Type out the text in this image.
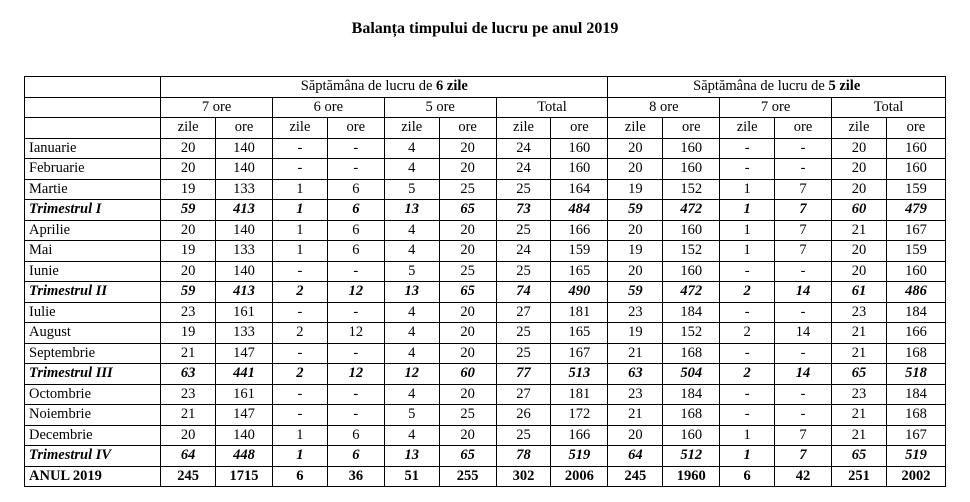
Balanța timpului de lucru pe anul 2019
	Săptămâna de lucru de 6 zile								Săptămâna de lucru de 5 zile					
	7 ore		6 ore		5 ore		Total		8 ore		7 ore		Total	
	zile	ore	zile	ore	zile	ore	zile	ore	zile	ore	zile	ore	zile	ore
Ianuarie	20	140	-	-	4	20	24	160	20	160	-	-	20	160
Februarie	20	140	-	-	4	20	24	160	20	160	-	-	20	160
Martie	19	133	1	6	5	25	25	164	19	152	1	7	20	159
Trimestrul I	59	413	1	6	13	65	73	484	59	472	1	7	60	479
Aprilie	20	140	1	6	4	20	25	166	20	160	1	7	21	167
Mai	19	133	1	6	4	20	24	159	19	152	1	7	20	159
Iunie	20	140	-	-	5	25	25	165	20	160	-	-	20	160
Trimestrul II	59	413	2	12	13	65	74	490	59	472	2	14	61	486
Iulie	23	161	-	-	4	20	27	181	23	184	-	-	23	184
August	19	133	2	12	4	20	25	165	19	152	2	14	21	166
Septembrie	21	147	-	-	4	20	25	167	21	168	-	-	21	168
Trimestrul III	63	441	2	12	12	60	77	513	63	504	2	14	65	518
Octombrie	23	161	-	-	4	20	27	181	23	184	-	-	23	184
Noiembrie	21	147	-	-	5	25	26	172	21	168	-	-	21	168
Decembrie	20	140	1	6	4	20	25	166	20	160	1	7	21	167
Trimestrul IV	64	448	1	6	13	65	78	519	64	512	1	7	65	519
ANUL 2019	245	1715	6	36	51	255	302	2006	245	1960	6	42	251	2002
